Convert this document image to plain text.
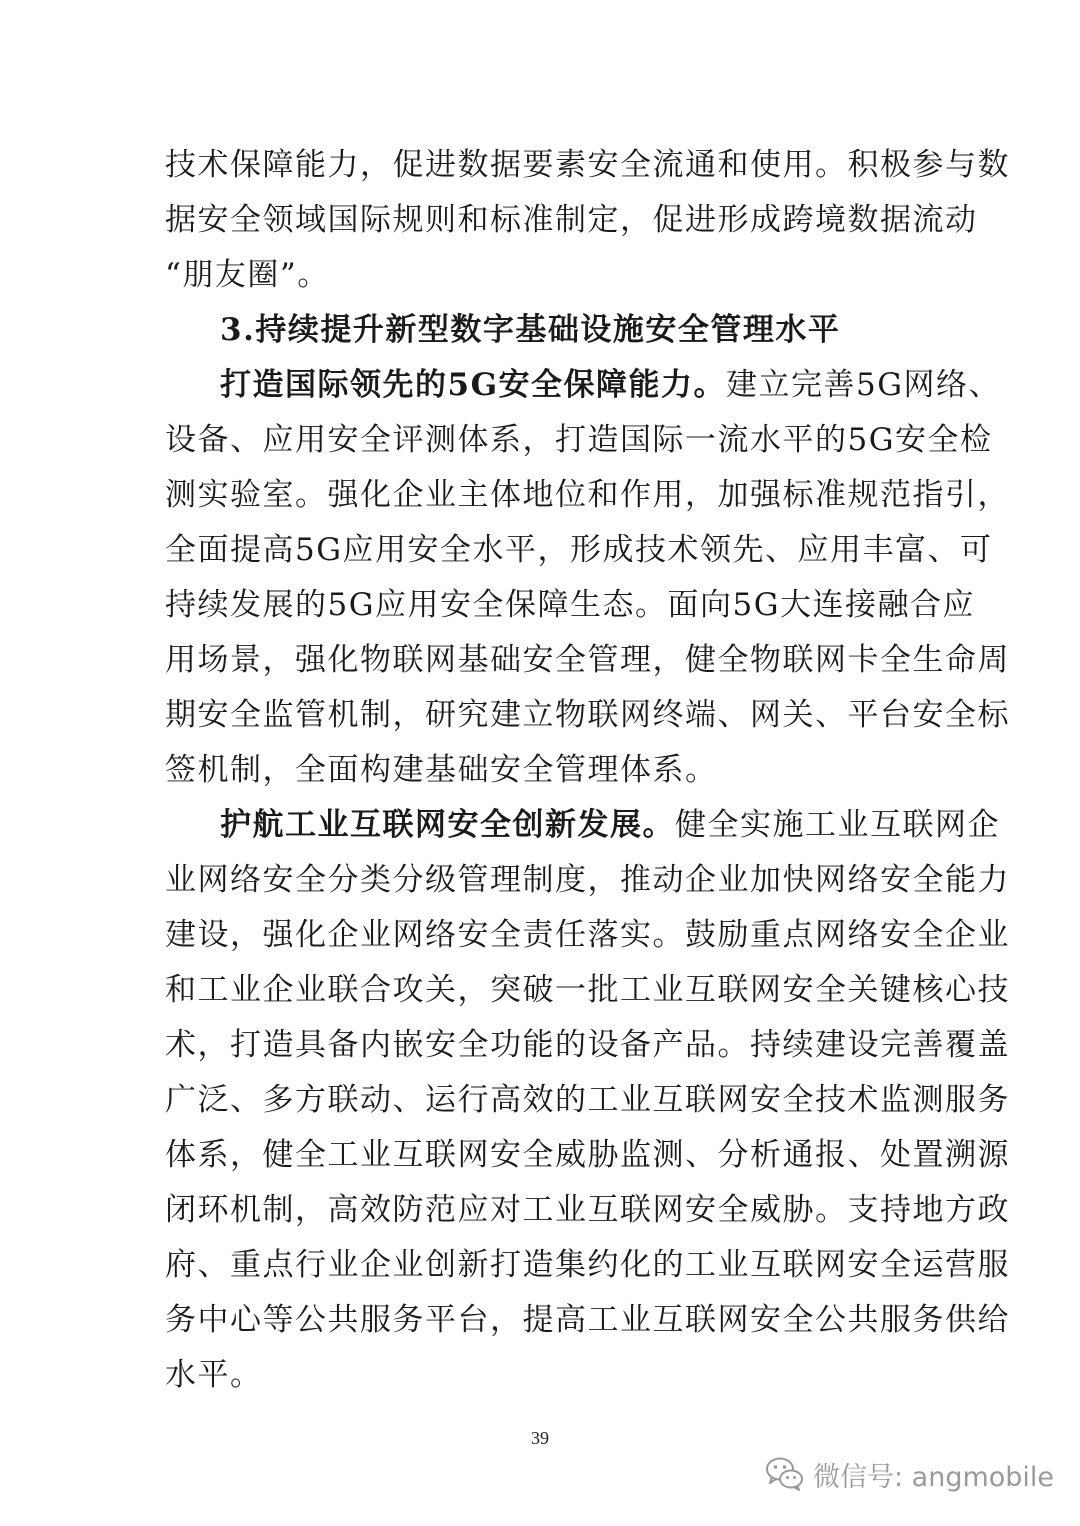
技术保障能力，促进数据要素安全流通和使用。积极参与数
据安全领域国际规则和标准制定，促进形成跨境数据流动
“朋友圈”。
3.持续提升新型数字基础设施安全管理水平
打造国际领先的5G安全保障能力。建立完善5G网络、
设备、应用安全评测体系，打造国际一流水平的5G安全检
测实验室。强化企业主体地位和作用，加强标准规范指引，
全面提高5G应用安全水平，形成技术领先、应用丰富、可
持续发展的5G应用安全保障生态。面向5G大连接融合应
用场景，强化物联网基础安全管理，健全物联网卡全生命周
期安全监管机制，研究建立物联网终端、网关、平台安全标
签机制，全面构建基础安全管理体系。
护航工业互联网安全创新发展。健全实施工业互联网企
业网络安全分类分级管理制度，推动企业加快网络安全能力
建设，强化企业网络安全责任落实。鼓励重点网络安全企业
和工业企业联合攻关，突破一批工业互联网安全关键核心技
术，打造具备内嵌安全功能的设备产品。持续建设完善覆盖
广泛、多方联动、运行高效的工业互联网安全技术监测服务
体系，健全工业互联网安全威胁监测、分析通报、处置溯源
闭环机制，高效防范应对工业互联网安全威胁。支持地方政
府、重点行业企业创新打造集约化的工业互联网安全运营服
务中心等公共服务平台，提高工业互联网安全公共服务供给
水平。
39
微信号: angmobile
